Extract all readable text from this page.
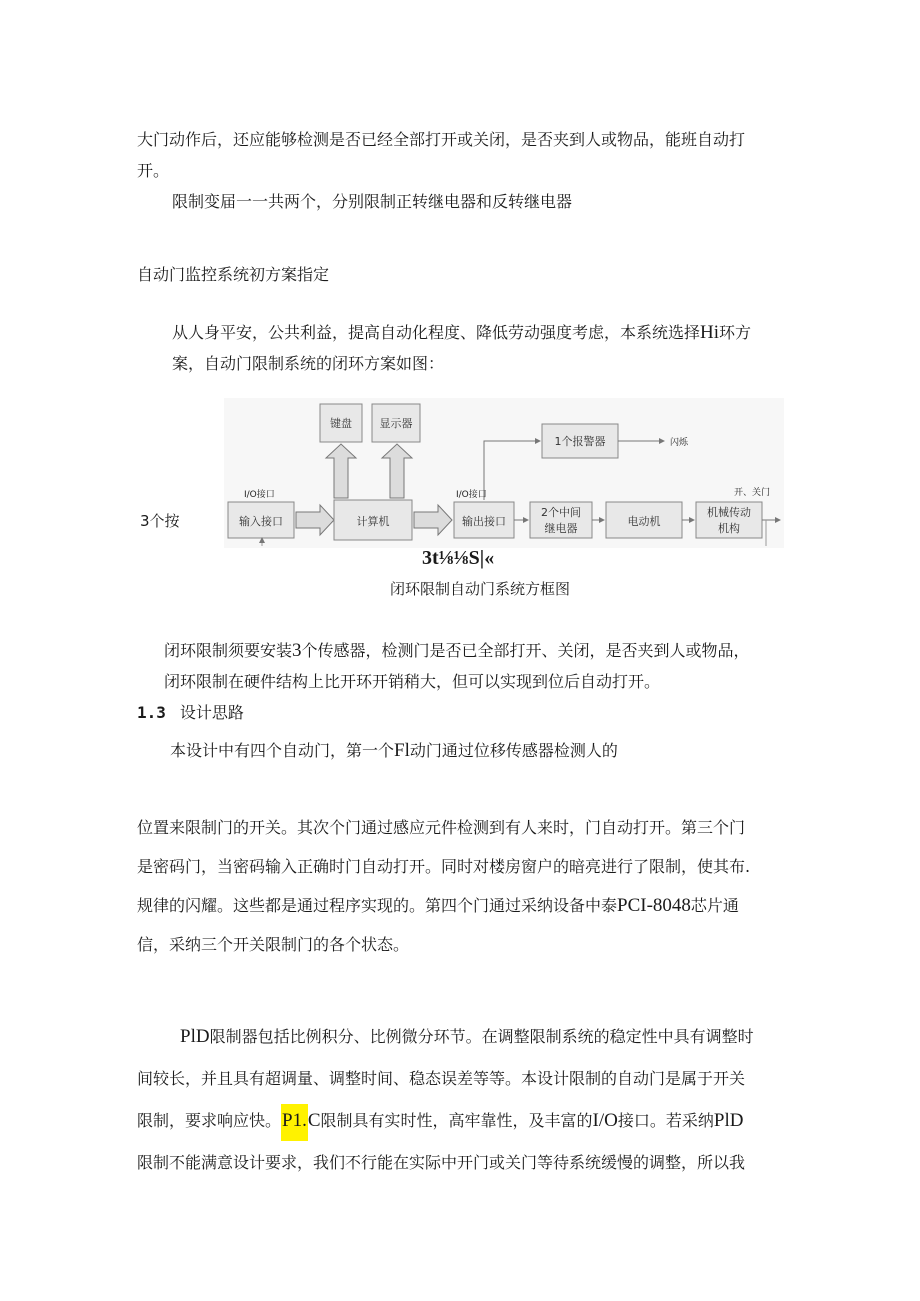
大门动作后，还应能够检测是否已经全部打开或关闭，是否夹到人或物品，能班自动打
开。
限制变届一一共两个，分别限制正转继电器和反转继电器
自动门监控系统初方案指定
从人身平安，公共利益，提高自动化程度、降低劳动强度考虑，本系统选择Hi环方
案，自动门限制系统的闭环方案如图：
3个按
键盘	显示器
1个报警器	闪烁
I/O接口	I/O接口
输入接口	计算机	输出接口
2个中间
继电器
电动机
机械传动
机构
开、关门
3t⅛⅛S|«
闭环限制自动门系统方框图
闭环限制须要安装3个传感器，检测门是否已全部打开、关闭，是否夹到人或物品，
闭环限制在硬件结构上比开环开销稍大，但可以实现到位后自动打开。
1.3 设计思路
本设计中有四个自动门，第一个Fl动门通过位移传感器检测人的
位置来限制门的开关。其次个门通过感应元件检测到有人来时，门自动打开。第三个门
是密码门，当密码输入正确时门自动打开。同时对楼房窗户的暗亮进行了限制，使其布.
规律的闪耀。这些都是通过程序实现的。第四个门通过采纳设备中泰PCI-8048芯片通
信，采纳三个开关限制门的各个状态。
PlD限制器包括比例积分、比例微分环节。在调整限制系统的稳定性中具有调整时
间较长，并且具有超调量、调整时间、稳态误差等等。本设计限制的自动门是属于开关
限制，要求响应快。P1.C限制具有实时性，高牢靠性，及丰富的I/O接口。若采纳PlD
限制不能满意设计要求，我们不行能在实际中开门或关门等待系统缓慢的调整，所以我
